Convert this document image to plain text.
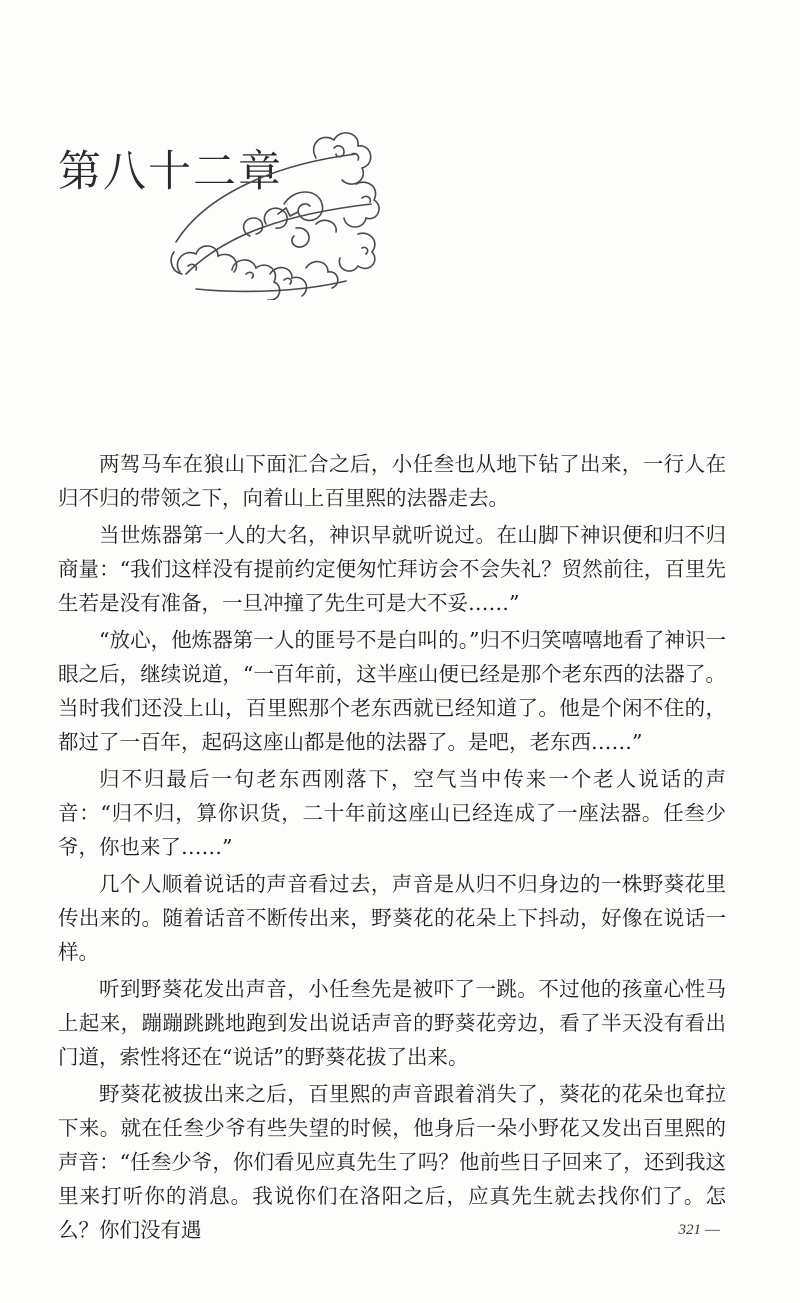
第八十二章

两驾马车在狼山下面汇合之后，小任叁也从地下钻了出来，一行人在归不归的带领之下，向着山上百里熙的法器走去。

当世炼器第一人的大名，神识早就听说过。在山脚下神识便和归不归商量：“我们这样没有提前约定便匆忙拜访会不会失礼？贸然前往，百里先生若是没有准备，一旦冲撞了先生可是大不妥……”

“放心，他炼器第一人的匪号不是白叫的。”归不归笑嘻嘻地看了神识一眼之后，继续说道，“一百年前，这半座山便已经是那个老东西的法器了。当时我们还没上山，百里熙那个老东西就已经知道了。他是个闲不住的，都过了一百年，起码这座山都是他的法器了。是吧，老东西……”

归不归最后一句老东西刚落下，空气当中传来一个老人说话的声音：“归不归，算你识货，二十年前这座山已经连成了一座法器。任叁少爷，你也来了……”

几个人顺着说话的声音看过去，声音是从归不归身边的一株野葵花里传出来的。随着话音不断传出来，野葵花的花朵上下抖动，好像在说话一样。

听到野葵花发出声音，小任叁先是被吓了一跳。不过他的孩童心性马上起来，蹦蹦跳跳地跑到发出说话声音的野葵花旁边，看了半天没有看出门道，索性将还在“说话”的野葵花拔了出来。

野葵花被拔出来之后，百里熙的声音跟着消失了，葵花的花朵也耷拉下来。就在任叁少爷有些失望的时候，他身后一朵小野花又发出百里熙的声音：“任叁少爷，你们看见应真先生了吗？他前些日子回来了，还到我这里来打听你的消息。我说你们在洛阳之后，应真先生就去找你们了。怎么？你们没有遇	321 —
